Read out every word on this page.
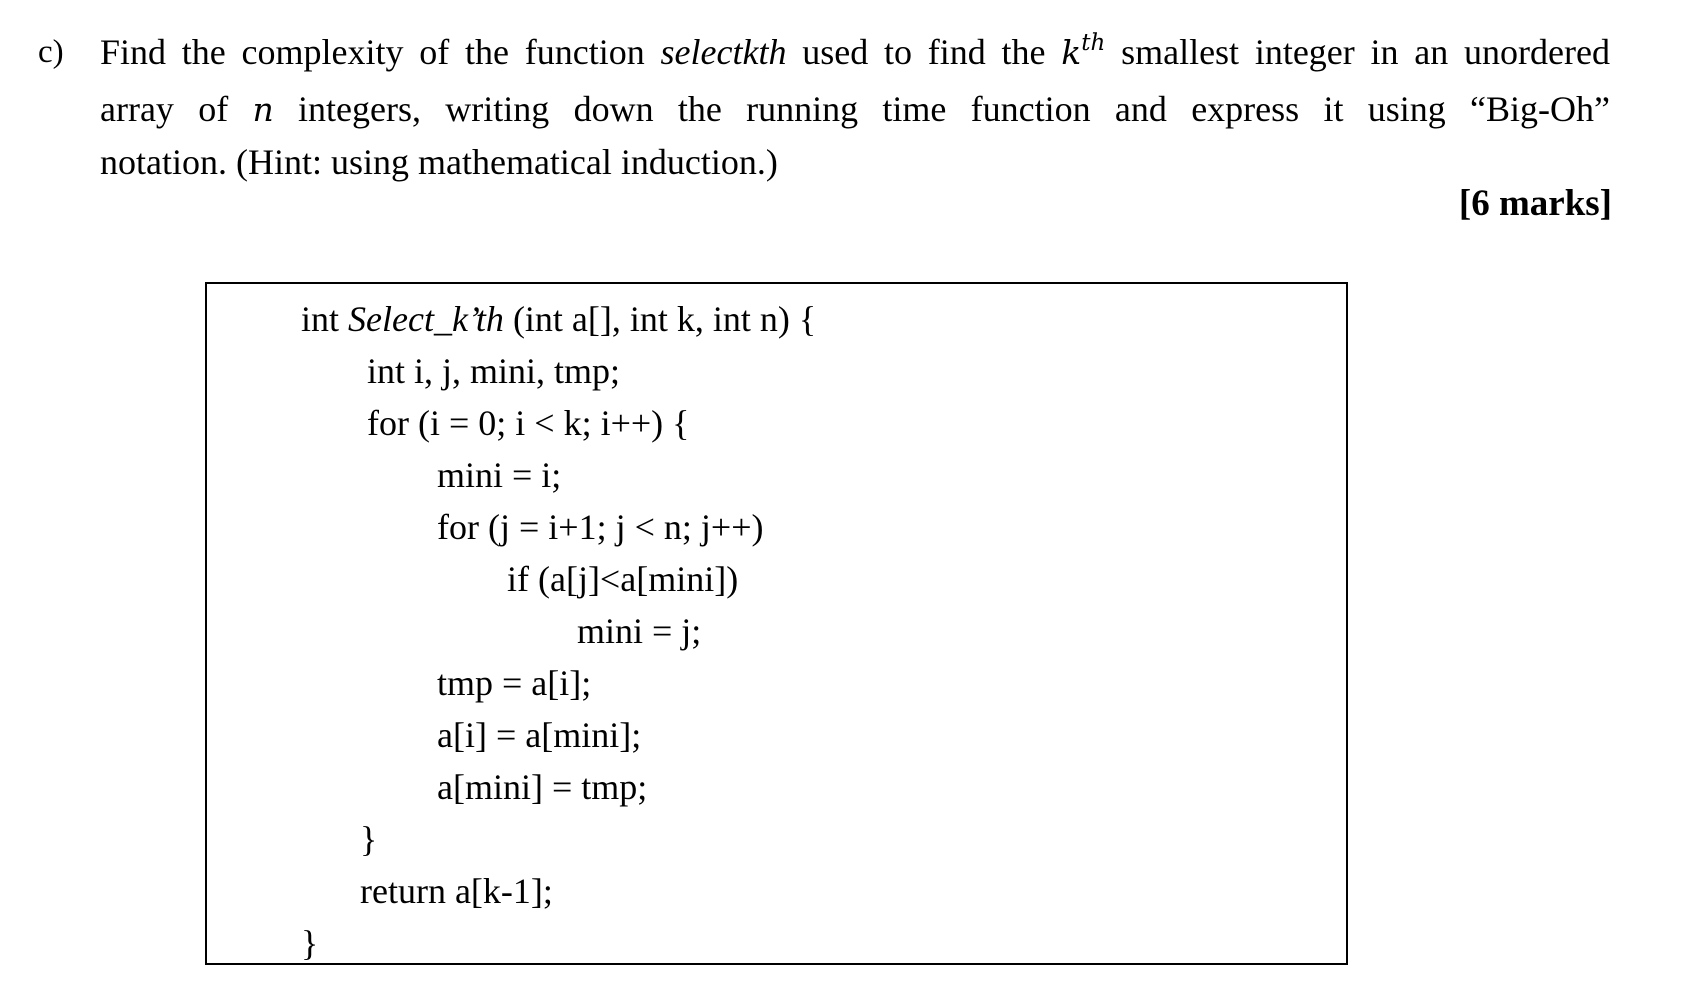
c) Find the complexity of the function selectkth used to find the $k^{th}$ smallest integer in an unordered
array of n integers, writing down the running time function and express it using “Big-Oh”
notation. (Hint: using mathematical induction.)
[6 marks]
int Select_k’th (int a[], int k, int n) {
int i, j, mini, tmp;
for (i = 0; i < k; i++) {
mini = i;
for (j = i+1; j < n; j++)
if (a[j]<a[mini])
mini = j;
tmp = a[i];
a[i] = a[mini];
a[mini] = tmp;
}
return a[k-1];
}
